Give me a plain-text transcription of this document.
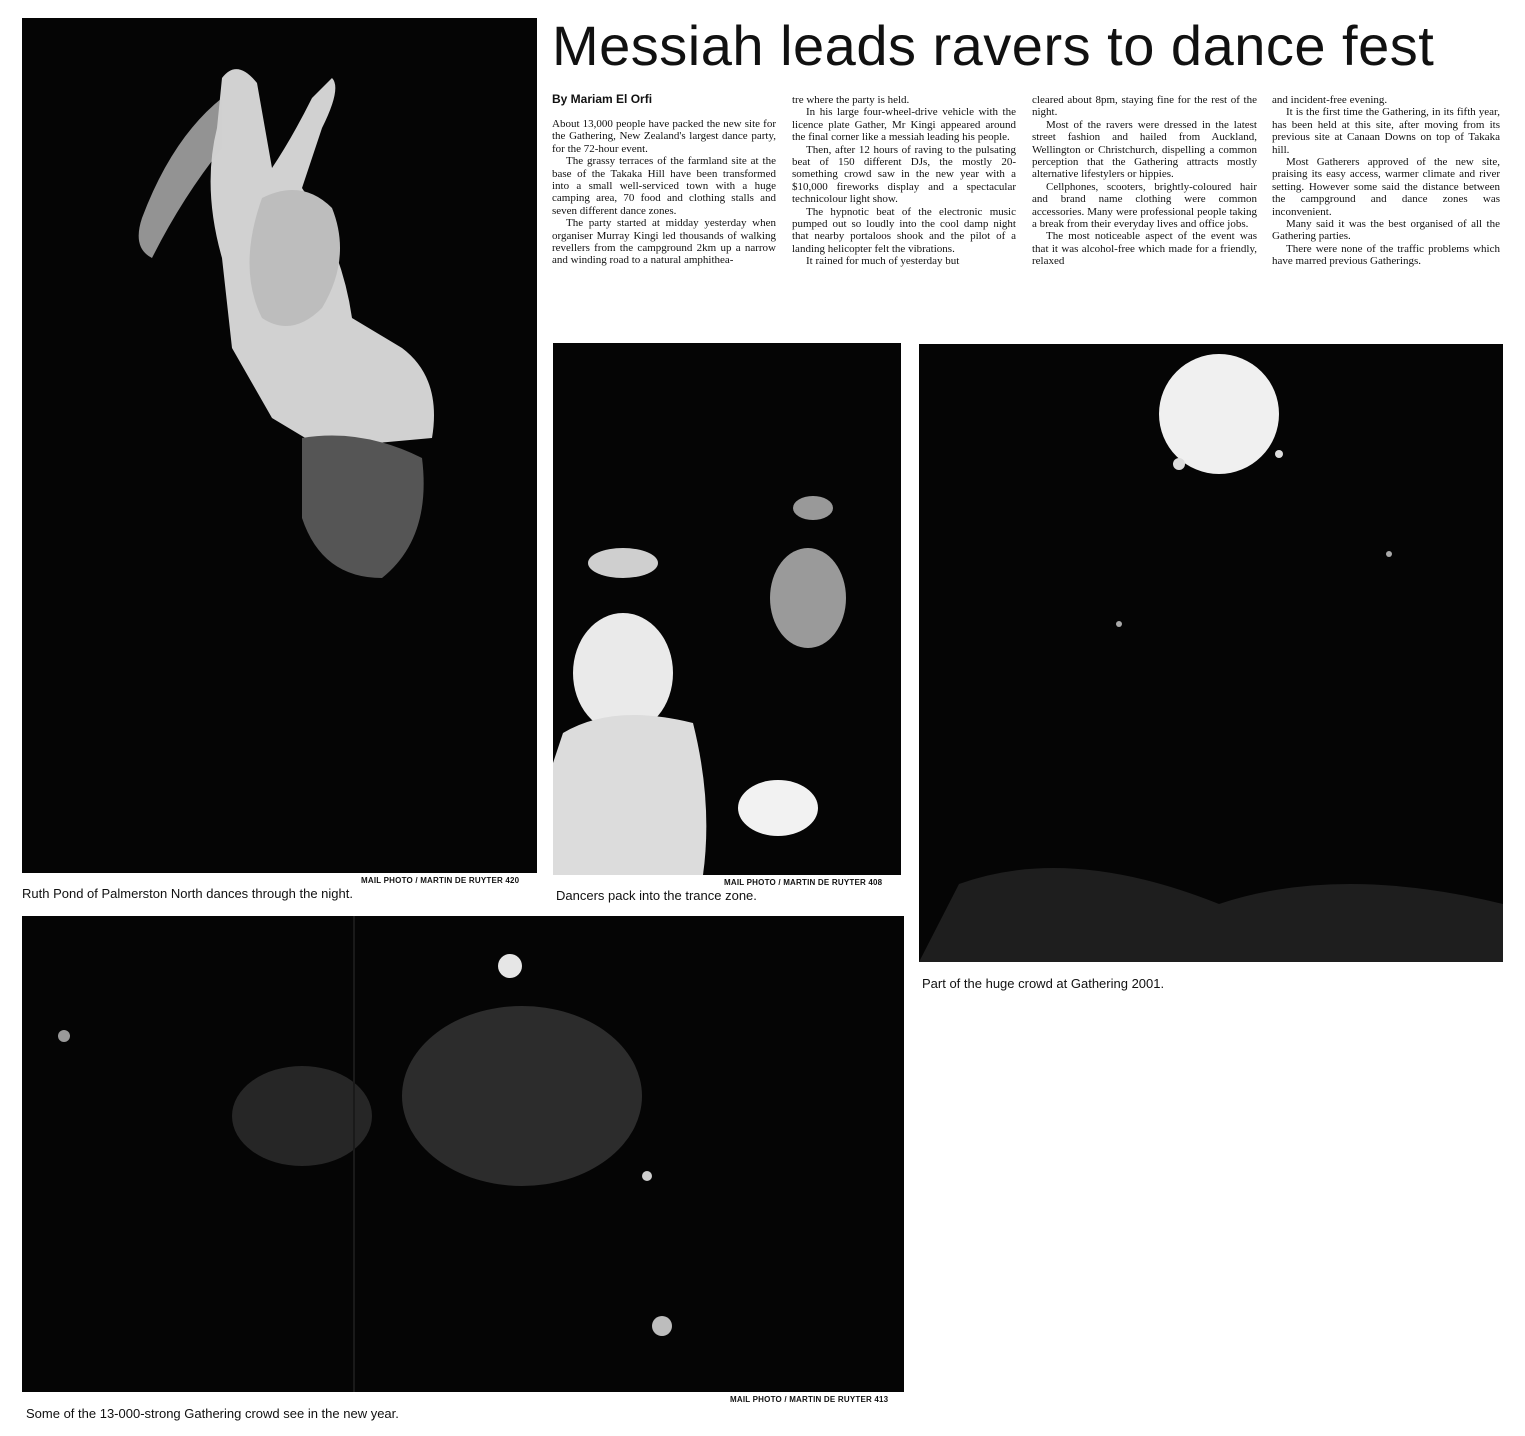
Messiah leads ravers to dance fest
By Mariam El Orfi

About 13,000 people have packed the new site for the Gathering, New Zealand's largest dance party, for the 72-hour event.

The grassy terraces of the farmland site at the base of the Takaka Hill have been transformed into a small well-serviced town with a huge camping area, 70 food and clothing stalls and seven different dance zones.

The party started at midday yesterday when organiser Murray Kingi led thousands of walking revellers from the campground 2km up a narrow and winding road to a natural amphithea-

tre where the party is held.

In his large four-wheel-drive vehicle with the licence plate Gather, Mr Kingi appeared around the final corner like a messiah leading his people.

Then, after 12 hours of raving to the pulsating beat of 150 different DJs, the mostly 20-something crowd saw in the new year with a $10,000 fireworks display and a spectacular technicolour light show.

The hypnotic beat of the electronic music pumped out so loudly into the cool damp night that nearby portaloos shook and the pilot of a landing helicopter felt the vibrations.

It rained for much of yesterday but

cleared about 8pm, staying fine for the rest of the night.

Most of the ravers were dressed in the latest street fashion and hailed from Auckland, Wellington or Christchurch, dispelling a common perception that the Gathering attracts mostly alternative lifestylers or hippies.

Cellphones, scooters, brightly-coloured hair and brand name clothing were common accessories. Many were professional people taking a break from their everyday lives and office jobs.

The most noticeable aspect of the event was that it was alcohol-free which made for a friendly, relaxed

and incident-free evening.

It is the first time the Gathering, in its fifth year, has been held at this site, after moving from its previous site at Canaan Downs on top of Takaka hill.

Most Gatherers approved of the new site, praising its easy access, warmer climate and river setting. However some said the distance between the campground and dance zones was inconvenient.

Many said it was the best organised of all the Gathering parties.

There were none of the traffic problems which have marred previous Gatherings.

MAIL PHOTO / MARTIN DE RUYTER 420
Ruth Pond of Palmerston North dances through the night.
MAIL PHOTO / MARTIN DE RUYTER 408
Dancers pack into the trance zone.
Part of the huge crowd at Gathering 2001.
MAIL PHOTO / MARTIN DE RUYTER 413
Some of the 13-000-strong Gathering crowd see in the new year.
